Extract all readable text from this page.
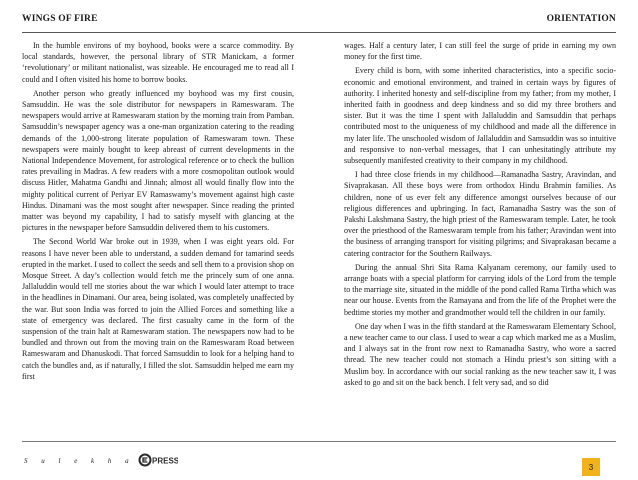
WINGS OF FIRE	ORIENTATION

In the humble environs of my boyhood, books were a scarce commodity. By local standards, however, the personal library of STR Manickam, a former ‘revolutionary’ or militant nationalist, was sizeable. He encouraged me to read all I could and I often visited his home to borrow books.

Another person who greatly influenced my boyhood was my first cousin, Samsuddin. He was the sole distributor for newspapers in Rameswaram. The newspapers would arrive at Rameswaram station by the morning train from Pamban. Samsuddin’s newspaper agency was a one-man organization catering to the reading demands of the 1,000-strong literate population of Rameswaram town. These newspapers were mainly bought to keep abreast of current developments in the National Independence Movement, for astrological reference or to check the bullion rates prevailing in Madras. A few readers with a more cosmopolitan outlook would discuss Hitler, Mahatma Gandhi and Jinnah; almost all would finally flow into the mighty political current of Periyar EV Ramaswamy’s movement against high caste Hindus. Dinamani was the most sought after newspaper. Since reading the printed matter was beyond my capability, I had to satisfy myself with glancing at the pictures in the newspaper before Samsuddin delivered them to his customers.

The Second World War broke out in 1939, when I was eight years old. For reasons I have never been able to understand, a sudden demand for tamarind seeds erupted in the market. I used to collect the seeds and sell them to a provision shop on Mosque Street. A day’s collection would fetch me the princely sum of one anna. Jallaluddin would tell me stories about the war which I would later attempt to trace in the headlines in Dinamani. Our area, being isolated, was completely unaffected by the war. But soon India was forced to join the Allied Forces and something like a state of emergency was declared. The first casualty came in the form of the suspension of the train halt at Rameswaram station. The newspapers now had to be bundled and thrown out from the moving train on the Rameswaram Road between Rameswaram and Dhanuskodi. That forced Samsuddin to look for a helping hand to catch the bundles and, as if naturally, I filled the slot. Samsuddin helped me earn my first

wages. Half a century later, I can still feel the surge of pride in earning my own money for the first time.

Every child is born, with some inherited characteristics, into a specific socio-economic and emotional environment, and trained in certain ways by figures of authority. I inherited honesty and self-discipline from my father; from my mother, I inherited faith in goodness and deep kindness and so did my three brothers and sister. But it was the time I spent with Jallaluddin and Samsuddin that perhaps contributed most to the uniqueness of my childhood and made all the difference in my later life. The unschooled wisdom of Jallaluddin and Samsuddin was so intuitive and responsive to non-verbal messages, that I can unhesitatingly attribute my subsequently manifested creativity to their company in my childhood.

I had three close friends in my childhood—Ramanadha Sastry, Aravindan, and Sivaprakasan. All these boys were from orthodox Hindu Brahmin families. As children, none of us ever felt any difference amongst ourselves because of our religious differences and upbringing. In fact, Ramanadha Sastry was the son of Pakshi Lakshmana Sastry, the high priest of the Rameswaram temple. Later, he took over the priesthood of the Rameswaram temple from his father; Aravindan went into the business of arranging transport for visiting pilgrims; and Sivaprakasan became a catering contractor for the Southern Railways.

During the annual Shri Sita Rama Kalyanam ceremony, our family used to arrange boats with a special platform for carrying idols of the Lord from the temple to the marriage site, situated in the middle of the pond called Rama Tirtha which was near our house. Events from the Ramayana and from the life of the Prophet were the bedtime stories my mother and grandmother would tell the children in our family.

One day when I was in the fifth standard at the Rameswaram Elementary School, a new teacher came to our class. I used to wear a cap which marked me as a Muslim, and I always sat in the front row next to Ramanadha Sastry, who wore a sacred thread. The new teacher could not stomach a Hindu priest’s son sitting with a Muslim boy. In accordance with our social ranking as the new teacher saw it, I was asked to go and sit on the back bench. I felt very sad, and so did

S u l e k h a PRESS
3
